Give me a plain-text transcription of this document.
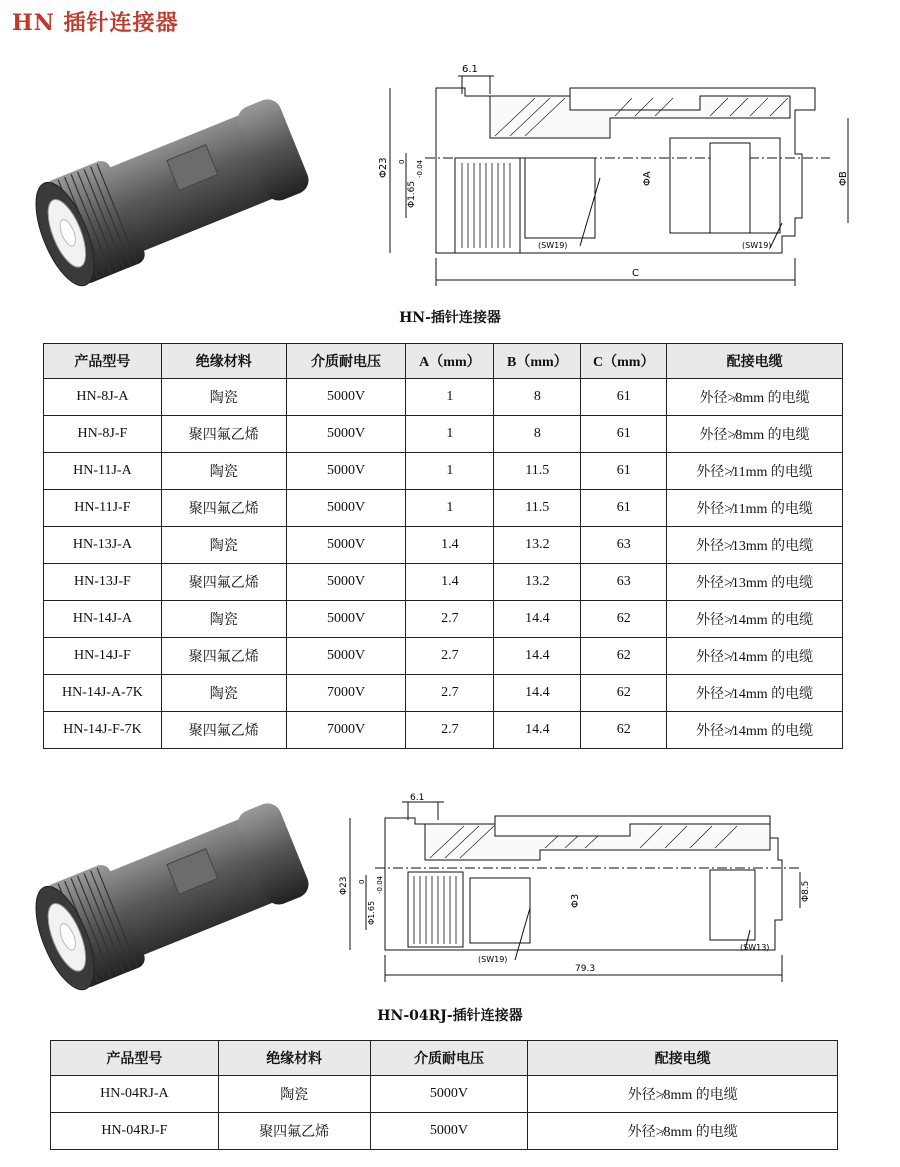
HN 插针连接器
6.1
Φ23
Φ1.65
0 -0.04
ΦA	ΦB
(SW19)	(SW19)
C
HN-插针连接器
产品型号	绝缘材料	介质耐电压	A（mm）	B（mm）	C（mm）	配接电缆
HN-8J-A	陶瓷	5000V	1	8	61	外径≯8mm 的电缆
HN-8J-F	聚四氟乙烯	5000V	1	8	61	外径≯8mm 的电缆
HN-11J-A	陶瓷	5000V	1	11.5	61	外径≯11mm 的电缆
HN-11J-F	聚四氟乙烯	5000V	1	11.5	61	外径≯11mm 的电缆
HN-13J-A	陶瓷	5000V	1.4	13.2	63	外径≯13mm 的电缆
HN-13J-F	聚四氟乙烯	5000V	1.4	13.2	63	外径≯13mm 的电缆
HN-14J-A	陶瓷	5000V	2.7	14.4	62	外径≯14mm 的电缆
HN-14J-F	聚四氟乙烯	5000V	2.7	14.4	62	外径≯14mm 的电缆
HN-14J-A-7K	陶瓷	7000V	2.7	14.4	62	外径≯14mm 的电缆
HN-14J-F-7K	聚四氟乙烯	7000V	2.7	14.4	62	外径≯14mm 的电缆
6.1
Φ23
Φ1.65
0 -0.04
Φ3	Φ8.5
(SW19)
(SW13)
79.3
HN-04RJ-插针连接器
产品型号	绝缘材料	介质耐电压	配接电缆
HN-04RJ-A	陶瓷	5000V	外径≯8mm 的电缆
HN-04RJ-F	聚四氟乙烯	5000V	外径≯8mm 的电缆
